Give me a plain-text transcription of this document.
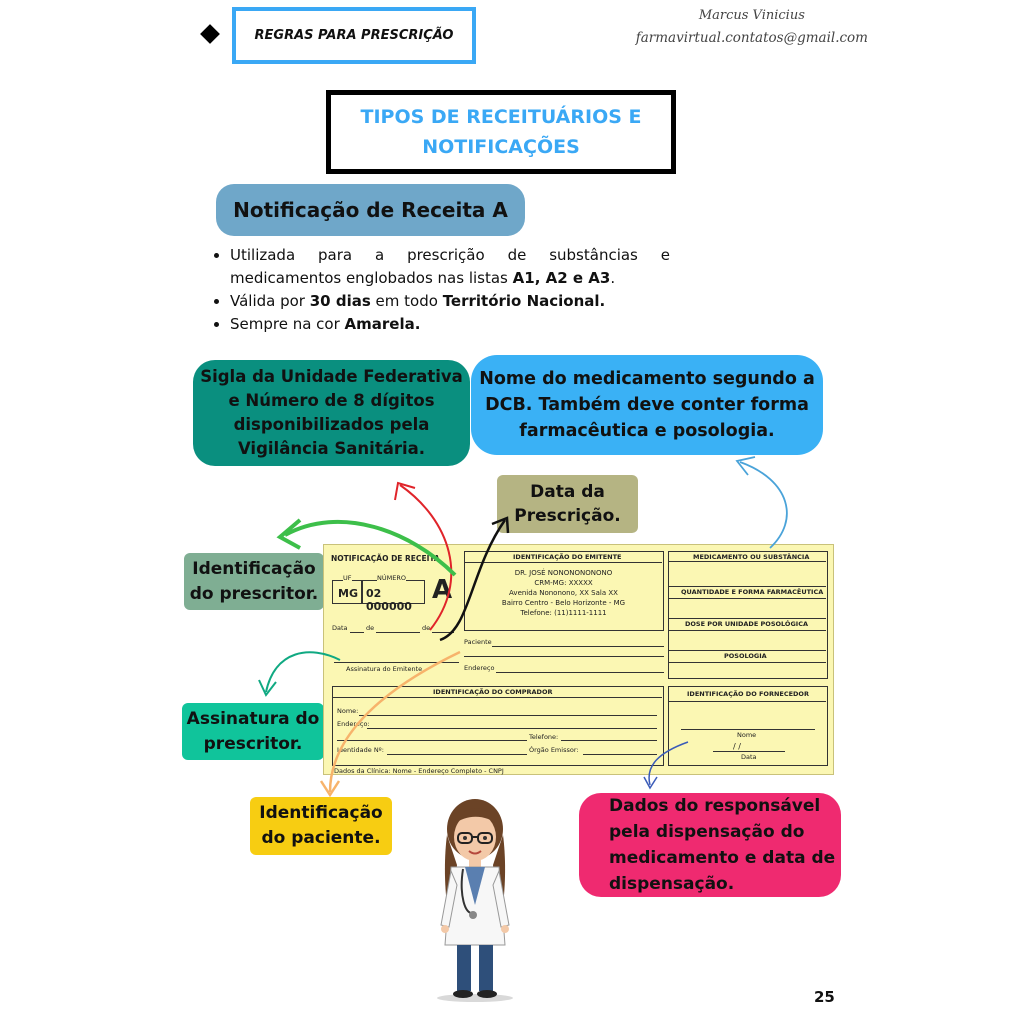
REGRAS PARA PRESCRIÇÃO
Marcus Vinicius
farmavirtual.contatos@gmail.com
TIPOS DE RECEITUÁRIOS E
NOTIFICAÇÕES
Notificação de Receita A
• Utilizada para a prescrição de substâncias e medicamentos englobados nas listas A1, A2 e A3.
• Válida por 30 dias em todo Território Nacional.
• Sempre na cor Amarela.
Sigla da Unidade Federativa e Número de 8 dígitos disponibilizados pela Vigilância Sanitária.
Nome do medicamento segundo a DCB. Também deve conter forma farmacêutica e posologia.
Data da Prescrição.
Identificação do prescritor.
Assinatura do prescritor.
Identificação do paciente.
Dados do responsável pela dispensação do medicamento e data de dispensação.
NOTIFICAÇÃO DE RECEITA
UF
MG
NÚMERO
02 000000
A
Data	de	de
Assinatura do Emitente
IDENTIFICAÇÃO DO EMITENTE
DR. JOSÉ NONONONONONO
CRM-MG: XXXXX
Avenida Nononono, XX Sala XX
Bairro Centro - Belo Horizonte - MG
Telefone: (11)1111-1111
Paciente
Endereço
MEDICAMENTO OU SUBSTÂNCIA
QUANTIDADE E FORMA FARMACÊUTICA
DOSE POR UNIDADE POSOLÓGICA
POSOLOGIA
IDENTIFICAÇÃO DO COMPRADOR
Nome:
Endereço:
Telefone:
Identidade Nº:	Órgão Emissor:
IDENTIFICAÇÃO DO FORNECEDOR
Nome
/ /
Data
Dados da Clínica: Nome - Endereço Completo - CNPJ
25
